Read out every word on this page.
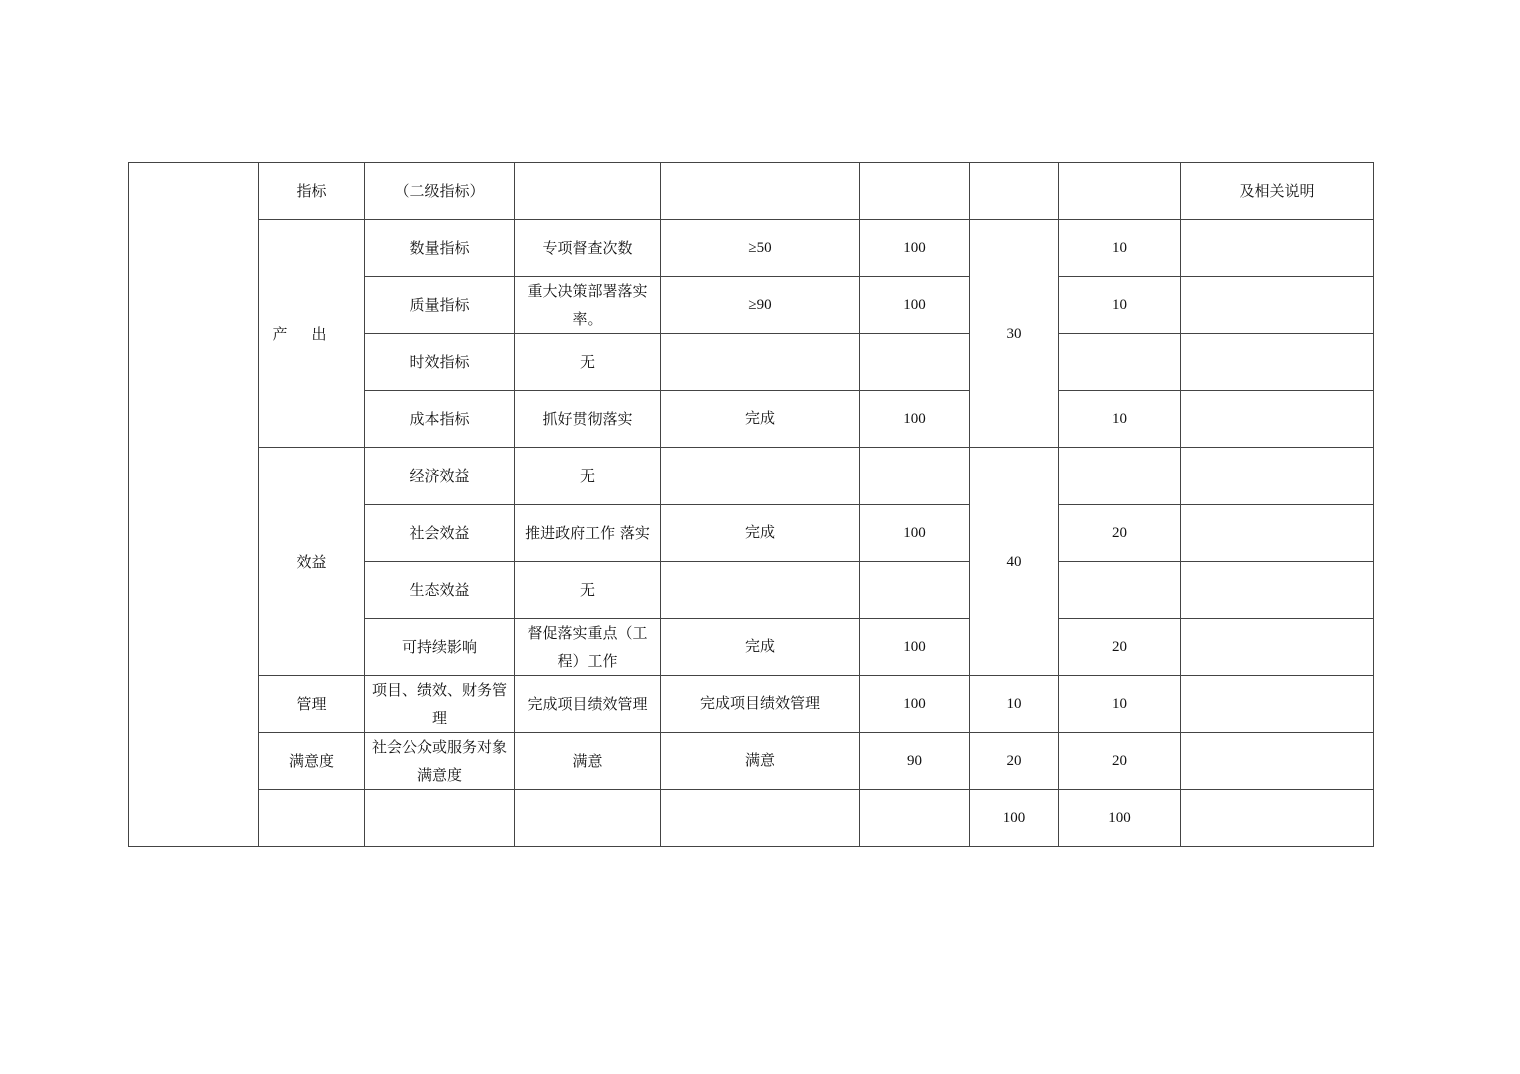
	指标	（二级指标）						及相关说明
	产出	数量指标	专项督查次数	≥50	100	30	10	
		质量指标	重大决策部署落实率。	≥90	100		10	
		时效指标	无					
		成本指标	抓好贯彻落实	完成	100		10	
	效益	经济效益	无			40		
		社会效益	推进政府工作 落实	完成	100		20	
		生态效益	无					
		可持续影响	督促落实重点（工程）工作	完成	100		20	
	管理	项目、绩效、财务管理	完成项目绩效管理	完成项目绩效管理	100	10	10	
	满意度	社会公众或服务对象满意度	满意	满意	90	20	20	
						100	100	
